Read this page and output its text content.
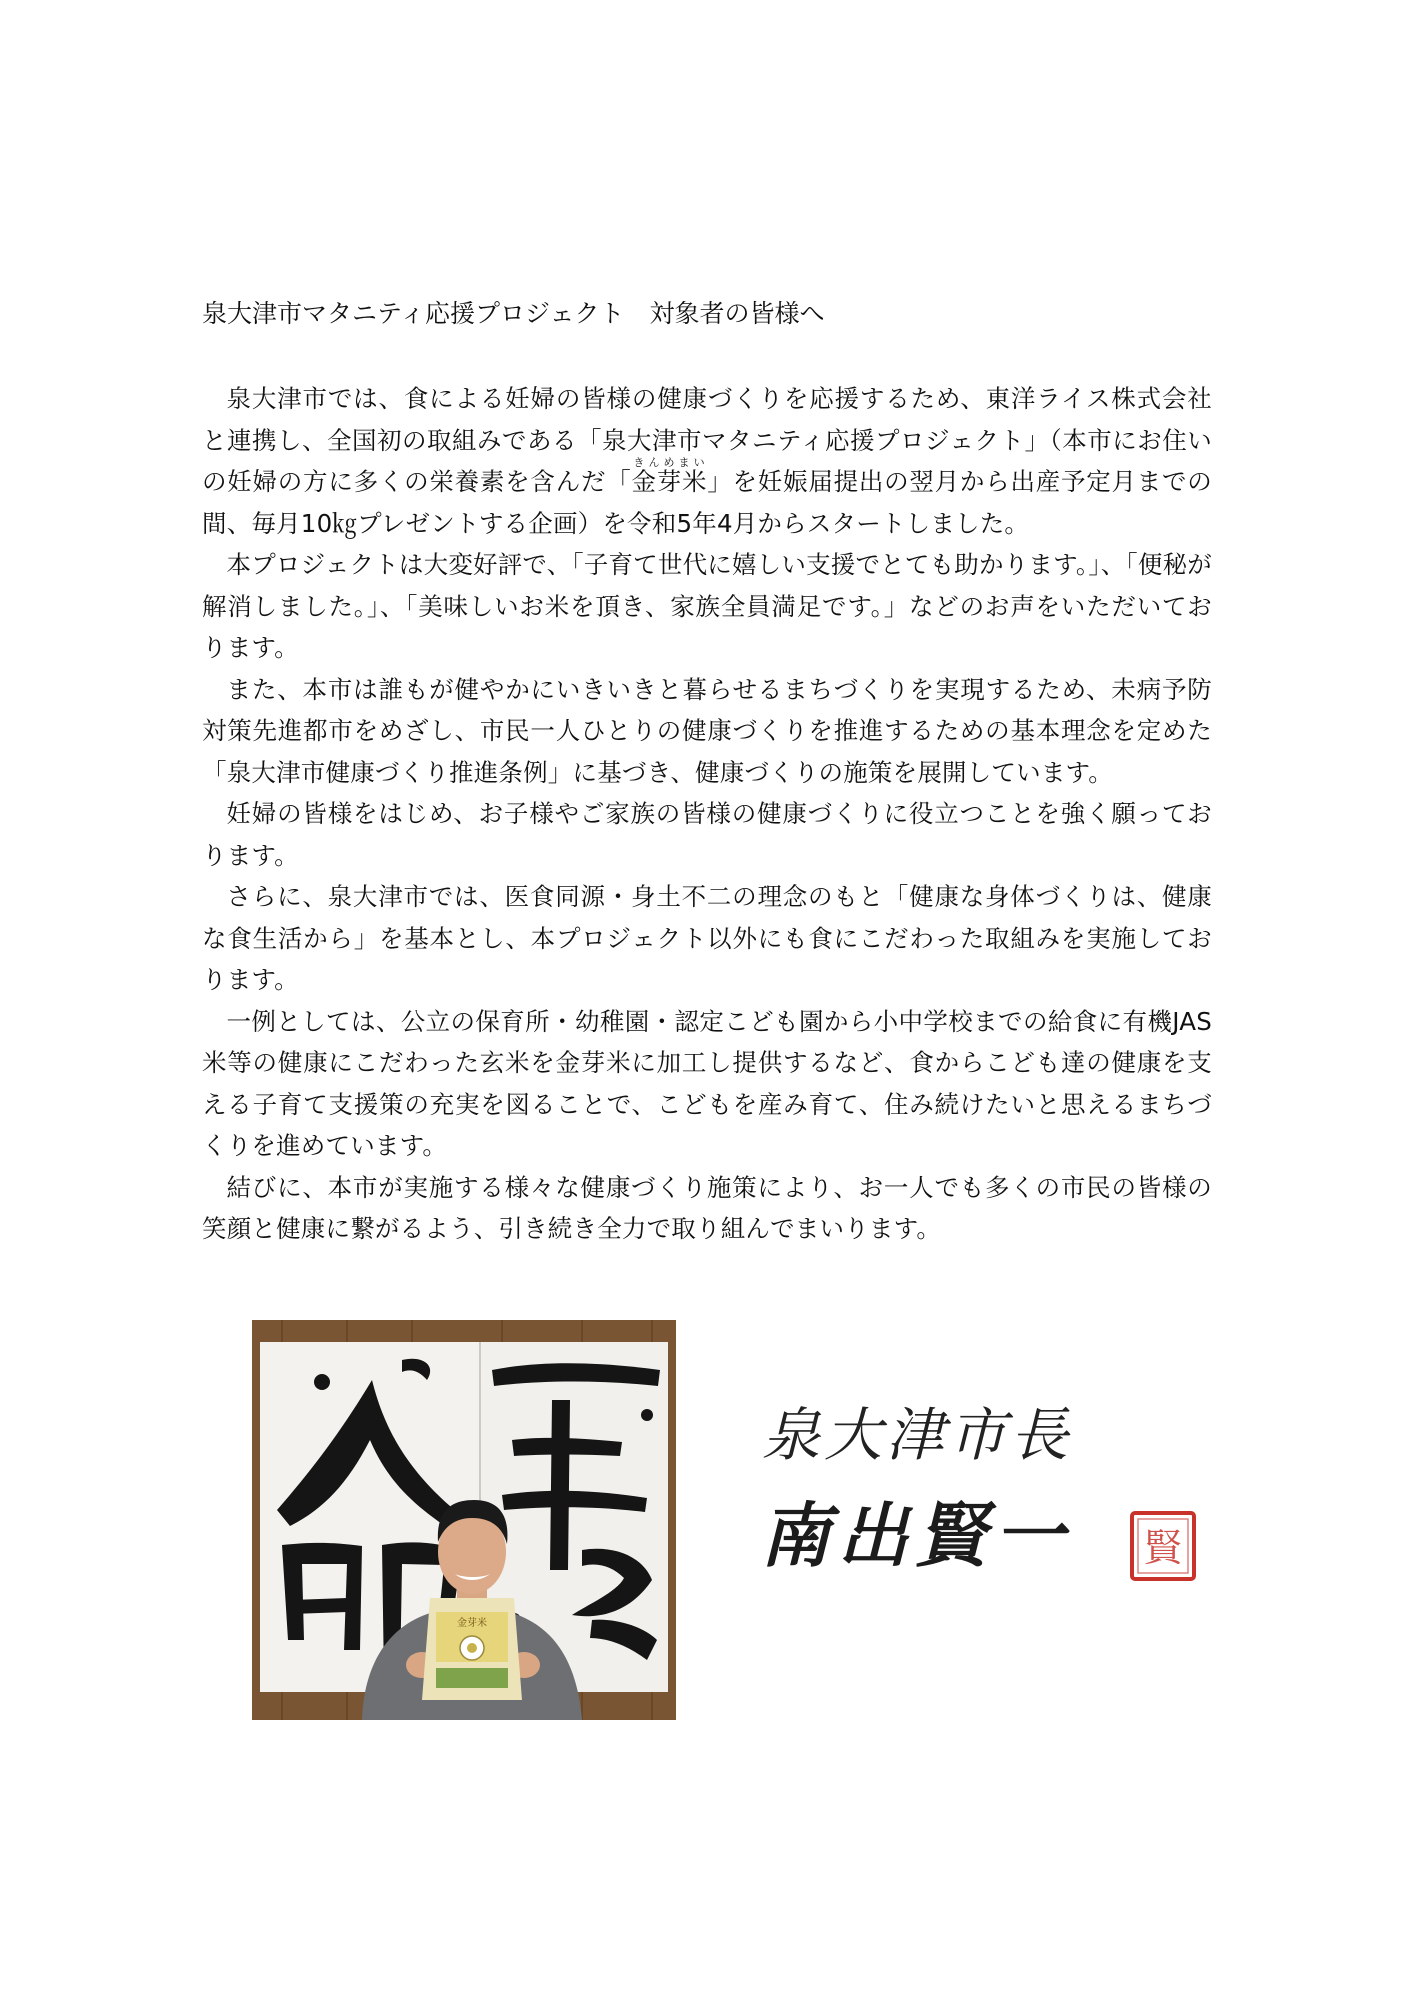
泉大津市マタニティ応援プロジェクト　対象者の皆様へ

泉大津市では、食による妊婦の皆様の健康づくりを応援するため、東洋ライス株式会社と連携し、全国初の取組みである「泉大津市マタニティ応援プロジェクト」（本市にお住いの妊婦の方に多くの栄養素を含んだ「金芽米きんめまい」を妊娠届提出の翌月から出産予定月までの間、毎月10㎏プレゼントする企画）を令和5年4月からスタートしました。

本プロジェクトは大変好評で、「子育て世代に嬉しい支援でとても助かります。」、「便秘が解消しました。」、「美味しいお米を頂き、家族全員満足です。」などのお声をいただいております。

また、本市は誰もが健やかにいきいきと暮らせるまちづくりを実現するため、未病予防対策先進都市をめざし、市民一人ひとりの健康づくりを推進するための基本理念を定めた「泉大津市健康づくり推進条例」に基づき、健康づくりの施策を展開しています。

妊婦の皆様をはじめ、お子様やご家族の皆様の健康づくりに役立つことを強く願っております。

さらに、泉大津市では、医食同源・身土不二の理念のもと「健康な身体づくりは、健康な食生活から」を基本とし、本プロジェクト以外にも食にこだわった取組みを実施しております。

一例としては、公立の保育所・幼稚園・認定こども園から小中学校までの給食に有機JAS 米等の健康にこだわった玄米を金芽米に加工し提供するなど、食からこども達の健康を支える子育て支援策の充実を図ることで、こどもを産み育て、住み続けたいと思えるまちづくりを進めています。

結びに、本市が実施する様々な健康づくり施策により、お一人でも多くの市民の皆様の笑顔と健康に繋がるよう、引き続き全力で取り組んでまいります。

金芽米
泉大津市長
南出賢一 賢
